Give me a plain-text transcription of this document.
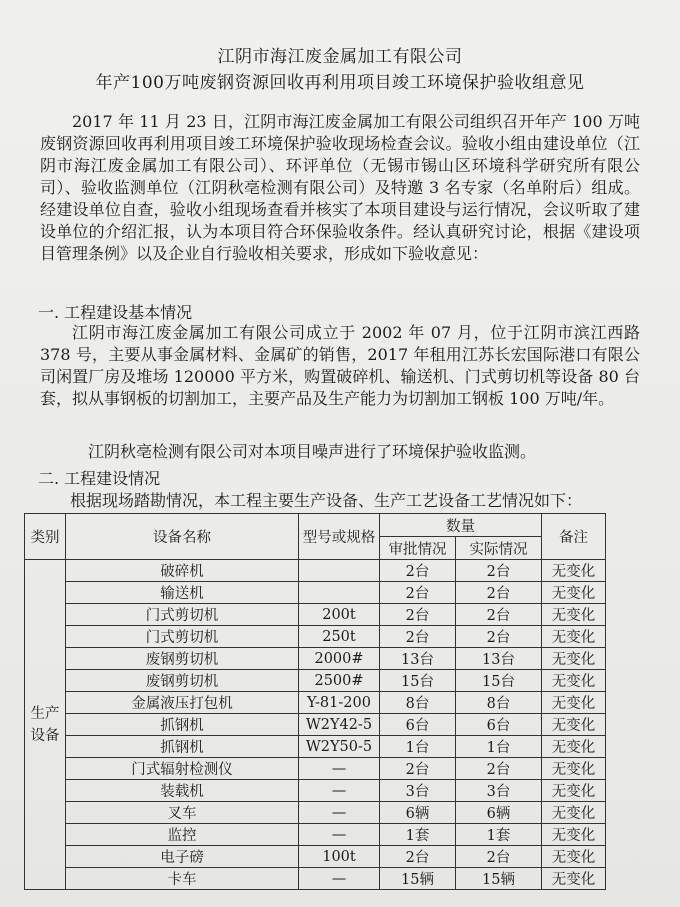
江阴市海江废金属加工有限公司
年产100万吨废钢资源回收再利用项目竣工环境保护验收组意见

2017 年 11 月 23 日，江阴市海江废金属加工有限公司组织召开年产 100 万吨废钢资源回收再利用项目竣工环境保护验收现场检查会议。验收小组由建设单位（江阴市海江废金属加工有限公司）、环评单位（无锡市锡山区环境科学研究所有限公司）、验收监测单位（江阴秋亳检测有限公司）及特邀 3 名专家（名单附后）组成。经建设单位自查，验收小组现场查看并核实了本项目建设与运行情况，会议听取了建设单位的介绍汇报，认为本项目符合环保验收条件。经认真研究讨论，根据《建设项目管理条例》以及企业自行验收相关要求，形成如下验收意见：

一. 工程建设基本情况

江阴市海江废金属加工有限公司成立于 2002 年 07 月，位于江阴市滨江西路 378 号，主要从事金属材料、金属矿的销售，2017 年租用江苏长宏国际港口有限公司闲置厂房及堆场 120000 平方米，购置破碎机、输送机、门式剪切机等设备 80 台套，拟从事钢板的切割加工，主要产品及生产能力为切割加工钢板 100 万吨/年。

江阴秋亳检测有限公司对本项目噪声进行了环境保护验收监测。

二. 工程建设情况

根据现场踏勘情况，本工程主要生产设备、生产工艺设备工艺情况如下：

类别	设备名称	型号或规格	数量		备注
			审批情况	实际情况	

生产
设备	破碎机		2台	2台	无变化
	输送机		2台	2台	无变化
	门式剪切机	200t	2台	2台	无变化
	门式剪切机	250t	2台	2台	无变化
	废钢剪切机	2000#	13台	13台	无变化
	废钢剪切机	2500#	15台	15台	无变化
	金属液压打包机	Y-81-200	8台	8台	无变化
	抓钢机	W2Y42-5	6台	6台	无变化
	抓钢机	W2Y50-5	1台	1台	无变化
	门式辐射检测仪	—	2台	2台	无变化
	装载机	—	3台	3台	无变化
	叉车	—	6辆	6辆	无变化
	监控	—	1套	1套	无变化
	电子磅	100t	2台	2台	无变化
	卡车	—	15辆	15辆	无变化
